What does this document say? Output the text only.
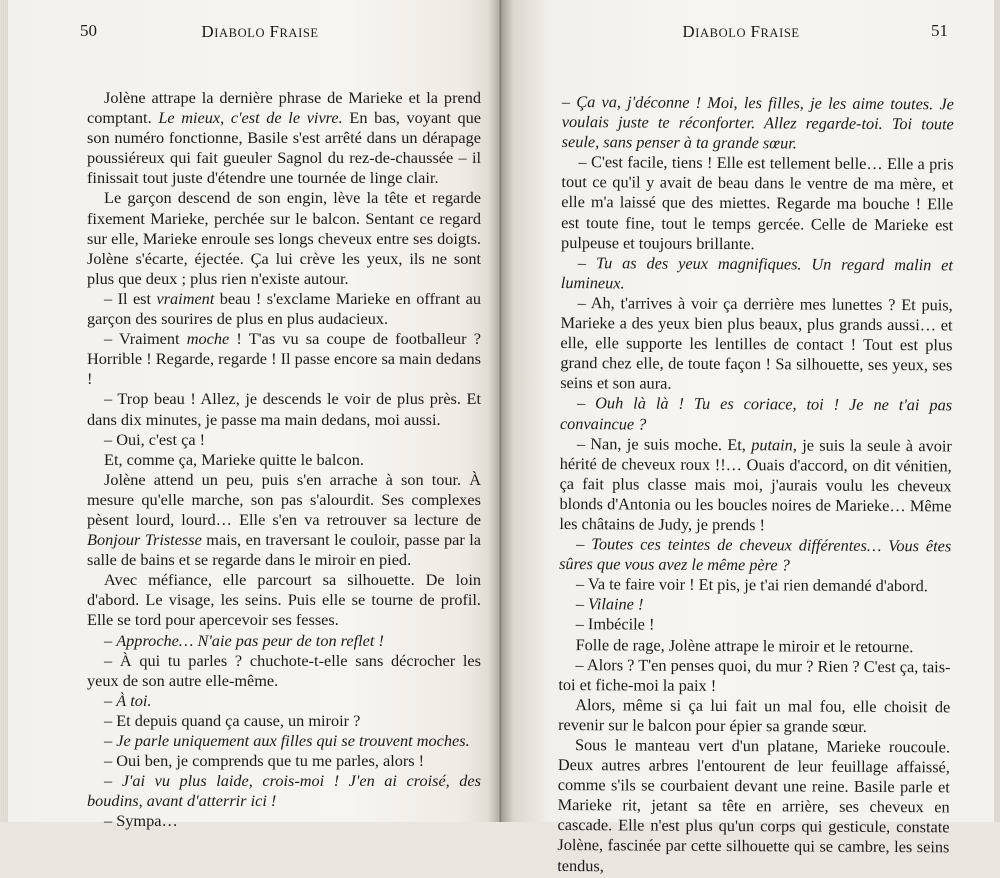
50	DIABOLO FRAISE

Jolène attrape la dernière phrase de Marieke et la prend comptant. Le mieux, c'est de le vivre. En bas, voyant que son numéro fonctionne, Basile s'est arrêté dans un dérapage poussiéreux qui fait gueuler Sagnol du rez-de-chaussée – il finissait tout juste d'étendre une tournée de linge clair.

Le garçon descend de son engin, lève la tête et regarde fixement Marieke, perchée sur le balcon. Sentant ce regard sur elle, Marieke enroule ses longs cheveux entre ses doigts. Jolène s'écarte, éjectée. Ça lui crève les yeux, ils ne sont plus que deux ; plus rien n'existe autour.

– Il est vraiment beau ! s'exclame Marieke en offrant au garçon des sourires de plus en plus audacieux.

– Vraiment moche ! T'as vu sa coupe de footballeur ? Horrible ! Regarde, regarde ! Il passe encore sa main dedans !

– Trop beau ! Allez, je descends le voir de plus près. Et dans dix minutes, je passe ma main dedans, moi aussi.

– Oui, c'est ça !

Et, comme ça, Marieke quitte le balcon.

Jolène attend un peu, puis s'en arrache à son tour. À mesure qu'elle marche, son pas s'alourdit. Ses complexes pèsent lourd, lourd… Elle s'en va retrouver sa lecture de Bonjour Tristesse mais, en traversant le couloir, passe par la salle de bains et se regarde dans le miroir en pied.

Avec méfiance, elle parcourt sa silhouette. De loin d'abord. Le visage, les seins. Puis elle se tourne de profil. Elle se tord pour apercevoir ses fesses.

– Approche… N'aie pas peur de ton reflet !

– À qui tu parles ? chuchote-t-elle sans décrocher les yeux de son autre elle-même.

– À toi.

– Et depuis quand ça cause, un miroir ?

– Je parle uniquement aux filles qui se trouvent moches.

– Oui ben, je comprends que tu me parles, alors !

– J'ai vu plus laide, crois-moi ! J'en ai croisé, des boudins, avant d'atterrir ici !

– Sympa…

51
DIABOLO FRAISE

– Ça va, j'déconne ! Moi, les filles, je les aime toutes. Je voulais juste te réconforter. Allez regarde-toi. Toi toute seule, sans penser à ta grande sœur.

– C'est facile, tiens ! Elle est tellement belle… Elle a pris tout ce qu'il y avait de beau dans le ventre de ma mère, et elle m'a laissé que des miettes. Regarde ma bouche ! Elle est toute fine, tout le temps gercée. Celle de Marieke est pulpeuse et toujours brillante.

– Tu as des yeux magnifiques. Un regard malin et lumineux.

– Ah, t'arrives à voir ça derrière mes lunettes ? Et puis, Marieke a des yeux bien plus beaux, plus grands aussi… et elle, elle supporte les lentilles de contact ! Tout est plus grand chez elle, de toute façon ! Sa silhouette, ses yeux, ses seins et son aura.

– Ouh là là ! Tu es coriace, toi ! Je ne t'ai pas convaincue ?

– Nan, je suis moche. Et, putain, je suis la seule à avoir hérité de cheveux roux !!… Ouais d'accord, on dit vénitien, ça fait plus classe mais moi, j'aurais voulu les cheveux blonds d'Antonia ou les boucles noires de Marieke… Même les châtains de Judy, je prends !

– Toutes ces teintes de cheveux différentes… Vous êtes sûres que vous avez le même père ?

– Va te faire voir ! Et pis, je t'ai rien demandé d'abord.

– Vilaine !

– Imbécile !

Folle de rage, Jolène attrape le miroir et le retourne.

– Alors ? T'en penses quoi, du mur ? Rien ? C'est ça, tais-toi et fiche-moi la paix !

Alors, même si ça lui fait un mal fou, elle choisit de revenir sur le balcon pour épier sa grande sœur.

Sous le manteau vert d'un platane, Marieke roucoule. Deux autres arbres l'entourent de leur feuillage affaissé, comme s'ils se courbaient devant une reine. Basile parle et Marieke rit, jetant sa tête en arrière, ses cheveux en cascade. Elle n'est plus qu'un corps qui gesticule, constate Jolène, fascinée par cette silhouette qui se cambre, les seins tendus,
